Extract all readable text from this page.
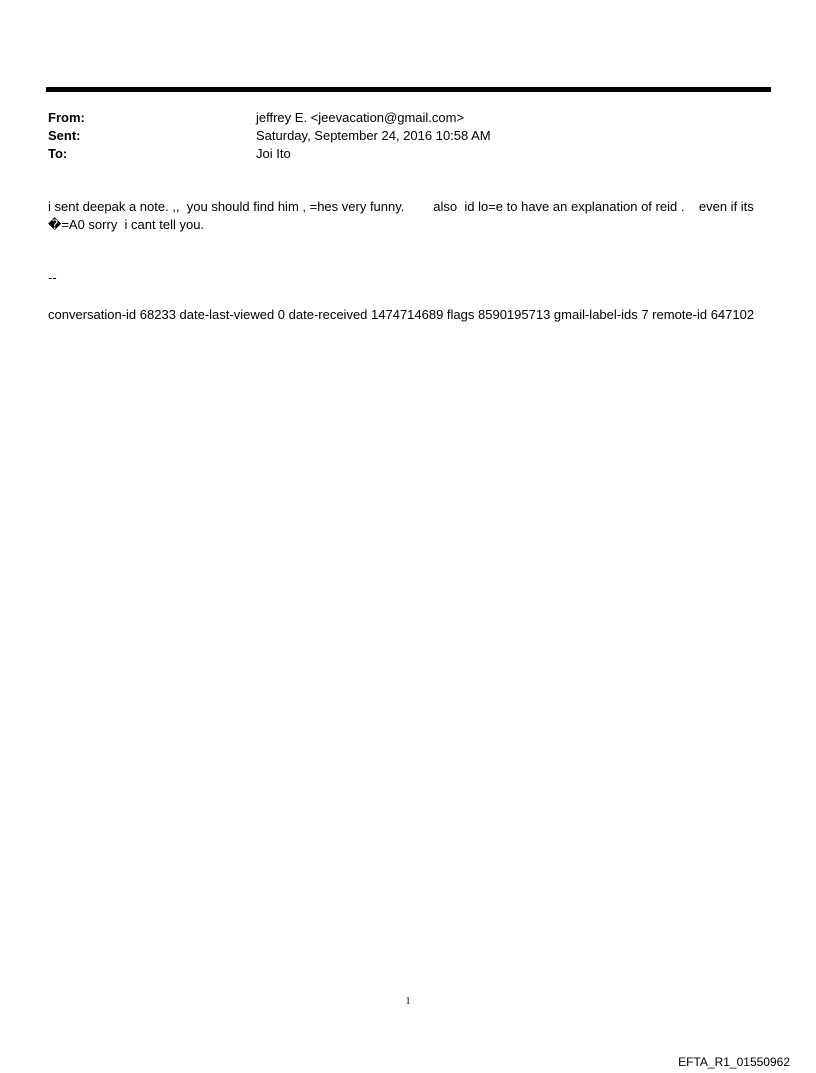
From:	jeffrey E. <jeevacation@gmail.com>
Sent:	Saturday, September 24, 2016 10:58 AM
To:	Joi Ito
i sent deepak a note. ,,  you should find him , =hes very funny.        also  id lo=e to have an explanation of reid .    even if its �=A0 sorry  i cant tell you.
--
conversation-id 68233 date-last-viewed 0 date-received 1474714689 flags 8590195713 gmail-label-ids 7 remote-id 647102
1
EFTA_R1_01550962
